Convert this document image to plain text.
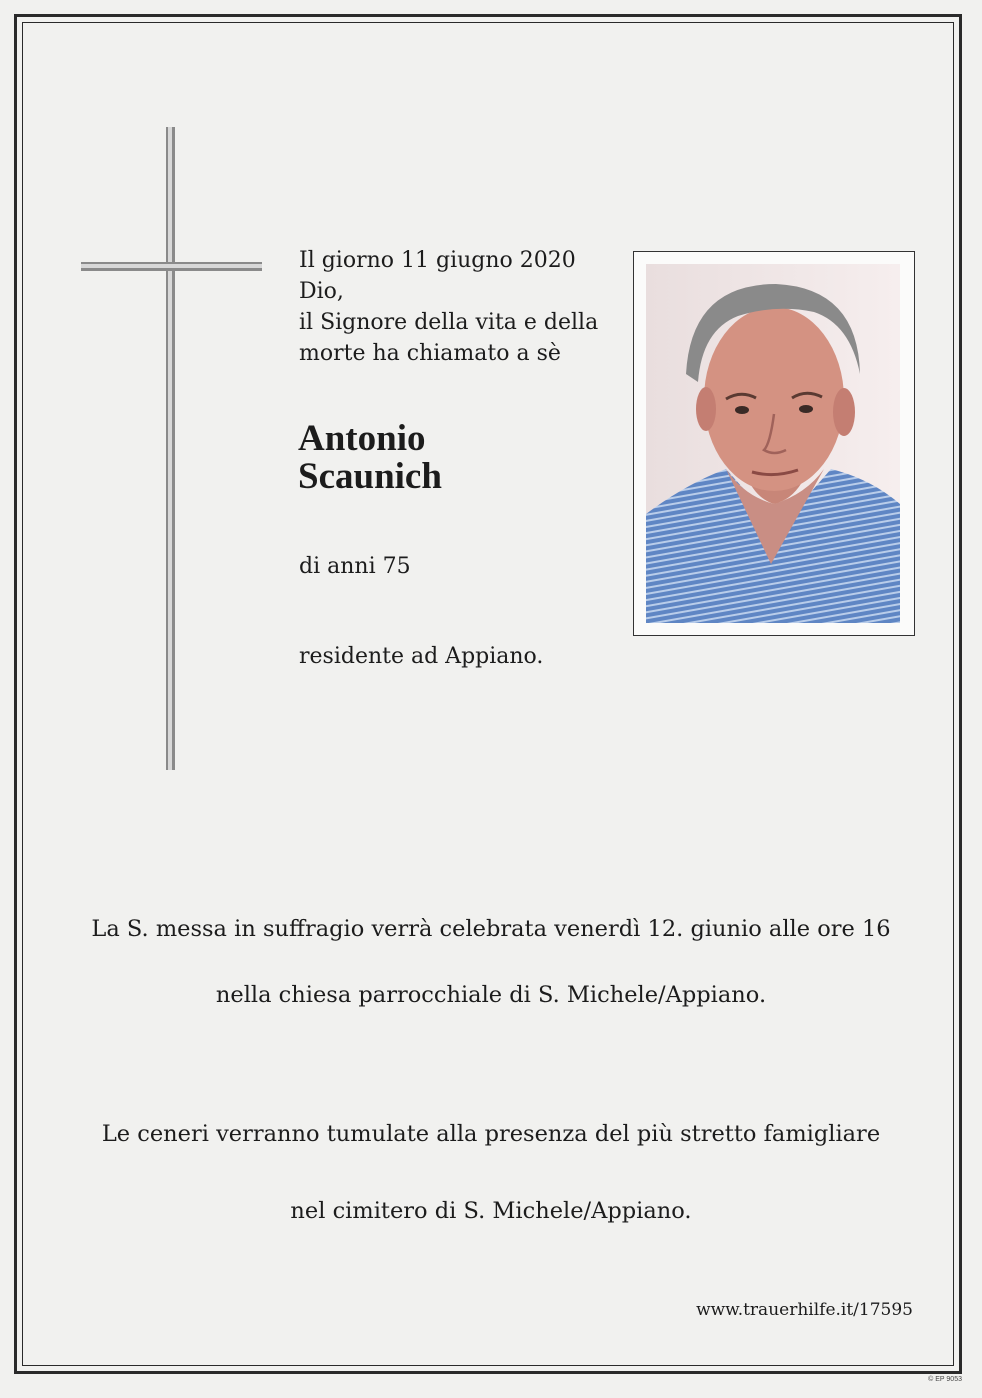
Il giorno 11 giugno 2020
Dio,
il Signore della vita e della
morte ha chiamato a sè
Antonio
Scaunich
di anni 75
residente ad Appiano.
La S. messa in suffragio verrà celebrata venerdì 12. giunio alle ore 16
nella chiesa parrocchiale di S. Michele/Appiano.
Le ceneri verranno tumulate alla presenza del più stretto famigliare
nel cimitero di S. Michele/Appiano.
www.trauerhilfe.it/17595
© EP 9053
